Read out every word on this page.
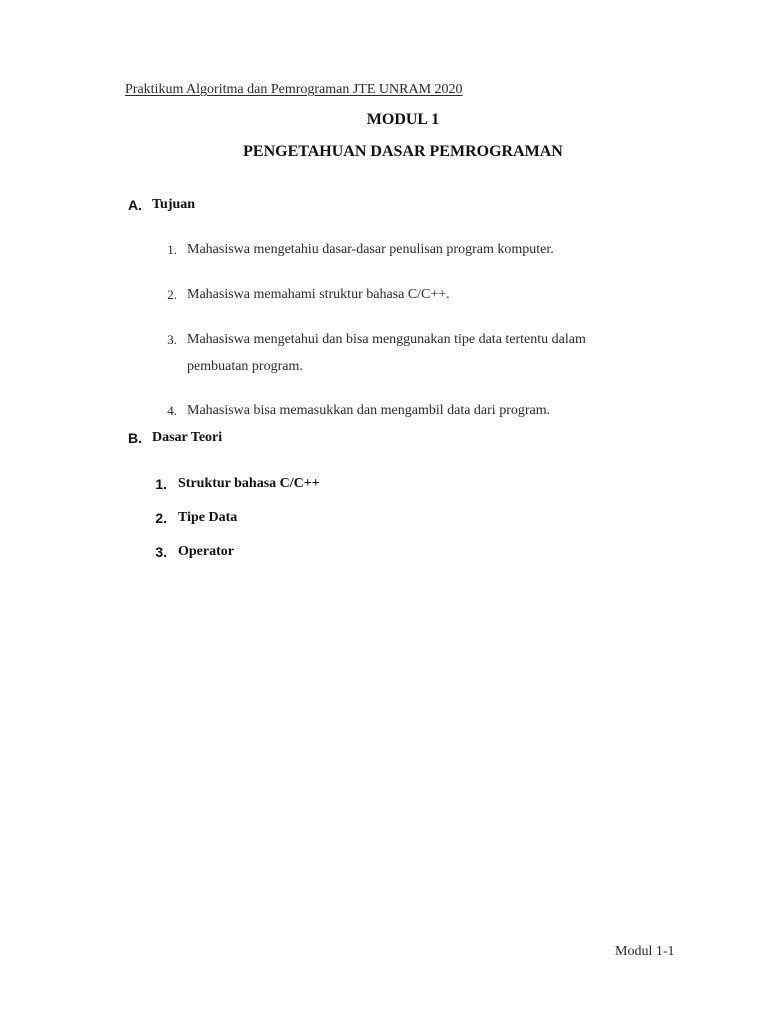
Praktikum Algoritma dan Pemrograman JTE UNRAM 2020
MODUL 1
PENGETAHUAN DASAR PEMROGRAMAN
A. Tujuan
1. Mahasiswa mengetahiu dasar-dasar penulisan program komputer.
2. Mahasiswa memahami struktur bahasa C/C++.
3. Mahasiswa mengetahui dan bisa menggunakan tipe data tertentu dalam
pembuatan program.
4. Mahasiswa bisa memasukkan dan mengambil data dari program.
B. Dasar Teori
1. Struktur bahasa C/C++
2. Tipe Data
3. Operator
Modul 1-1
